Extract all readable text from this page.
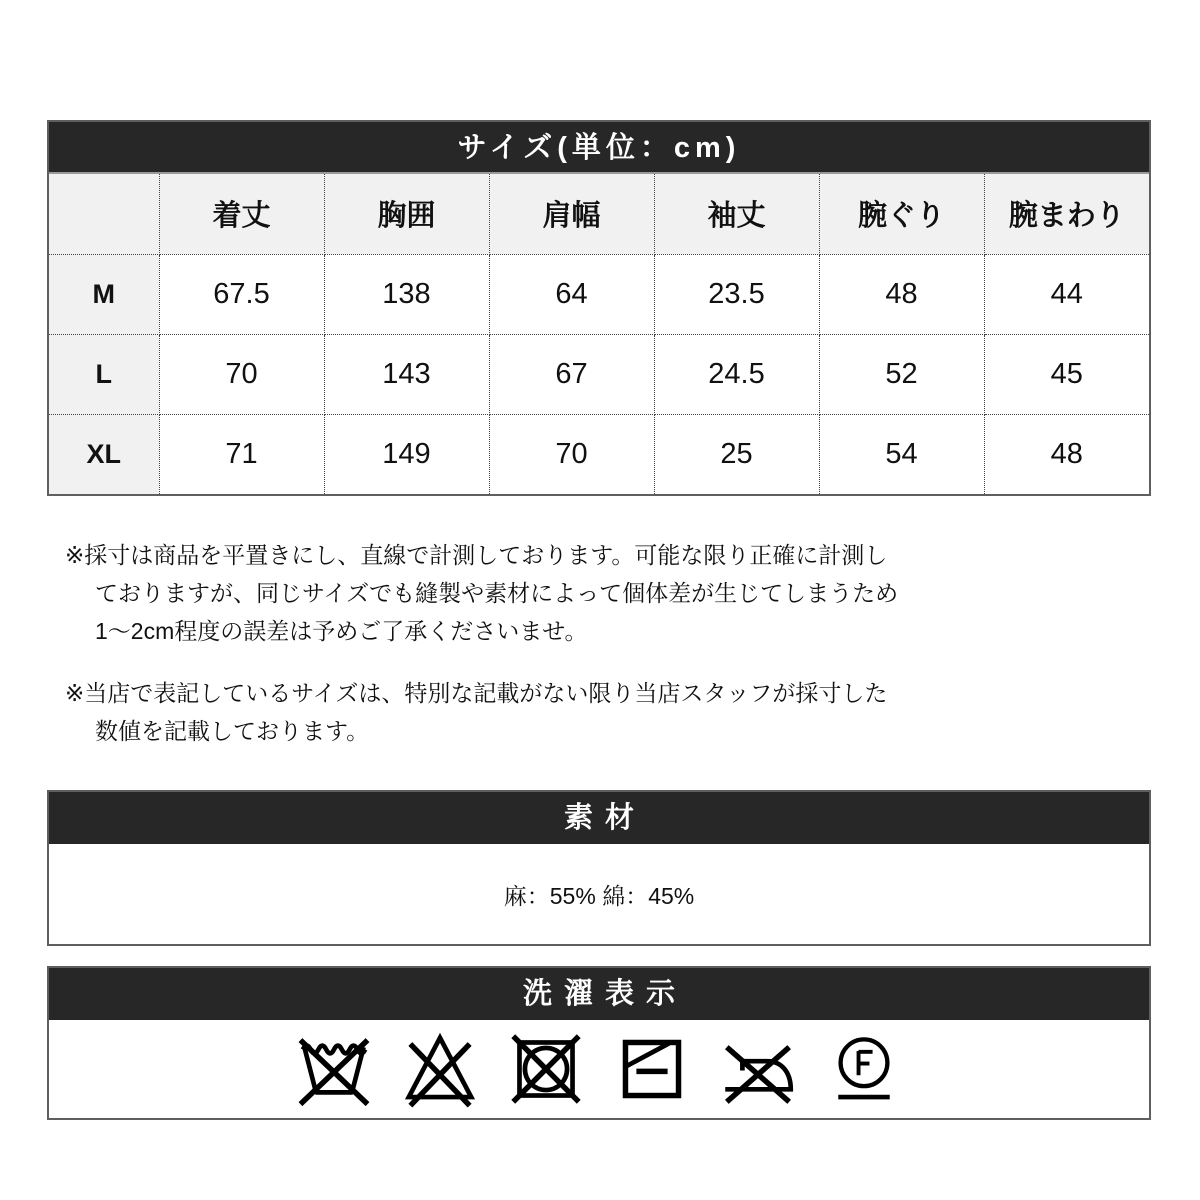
サイズ(単位：cm)
	着丈	胸囲	肩幅	袖丈	腕ぐり	腕まわり
M	67.5	138	64	23.5	48	44
L	70	143	67	24.5	52	45
XL	71	149	70	25	54	48
※採寸は商品を平置きにし、直線で計測しております。可能な限り正確に計測し
ておりますが、同じサイズでも縫製や素材によって個体差が生じてしまうため
1〜2cm程度の誤差は予めご了承くださいませ。
※当店で表記しているサイズは、特別な記載がない限り当店スタッフが採寸した
数値を記載しております。
素材
麻：55% 綿：45%
洗濯表示
